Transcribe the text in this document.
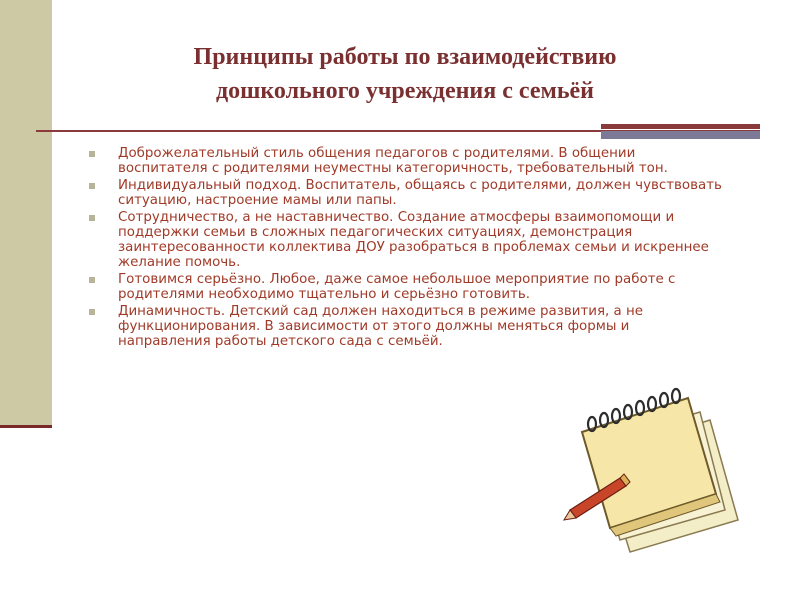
Принципы работы по взаимодействию
дошкольного учреждения с семьёй
Доброжелательный стиль общения педагогов с родителями. В общении воспитателя с родителями неуместны категоричность, требовательный тон.
Индивидуальный подход. Воспитатель, общаясь с родителями, должен чувствовать ситуацию, настроение мамы или папы.
Сотрудничество, а не наставничество. Создание атмосферы взаимопомощи и поддержки семьи в сложных педагогических ситуациях, демонстрация заинтересованности коллектива ДОУ разобраться в проблемах семьи и искреннее желание помочь.
Готовимся серьёзно. Любое, даже самое небольшое мероприятие по работе с родителями необходимо тщательно и серьёзно готовить.
Динамичность. Детский сад должен находиться в режиме развития, а не функционирования. В зависимости от этого должны меняться формы и направления работы детского сада с семьёй.
